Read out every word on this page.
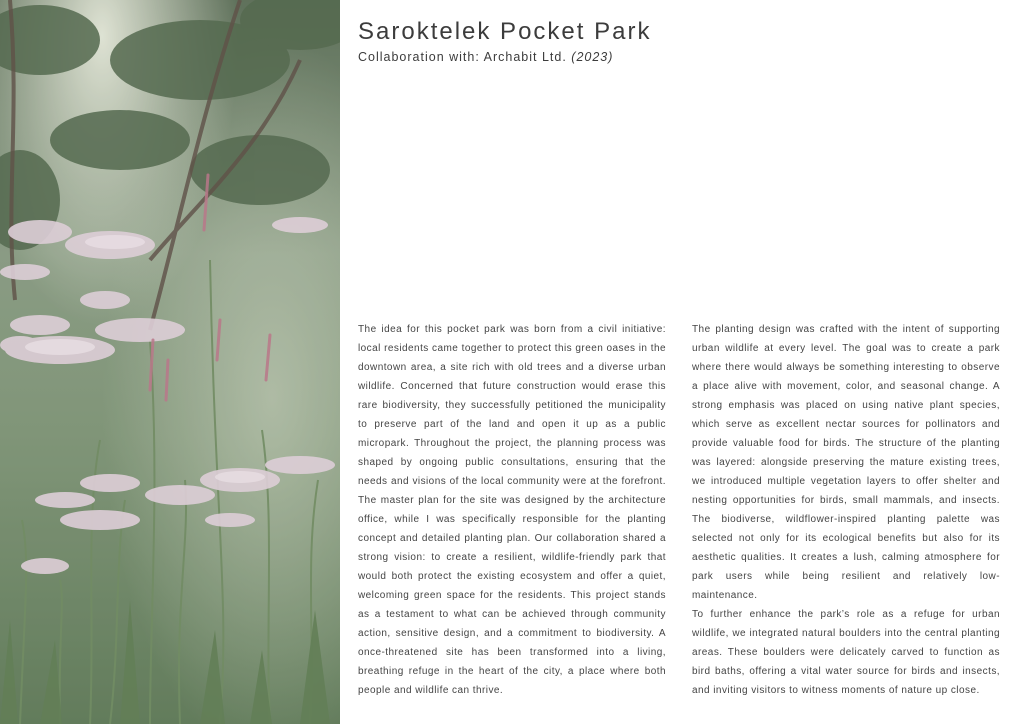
Saroktelek Pocket Park

Collaboration with: Archabit Ltd. (2023)

The idea for this pocket park was born from a civil initiative: local residents came together to protect this green oases in the downtown area, a site rich with old trees and a diverse urban wildlife. Concerned that future construction would erase this rare biodiversity, they successfully petitioned the municipality to preserve part of the land and open it up as a public micropark. Throughout the project, the planning process was shaped by ongoing public consultations, ensuring that the needs and visions of the local community were at the forefront. The master plan for the site was designed by the architecture office, while I was specifically responsible for the planting concept and detailed planting plan. Our collaboration shared a strong vision: to create a resilient, wildlife-friendly park that would both protect the existing ecosystem and offer a quiet, welcoming green space for the residents. This project stands as a testament to what can be achieved through community action, sensitive design, and a commitment to biodiversity. A once-threatened site has been transformed into a living, breathing refuge in the heart of the city, a place where both people and wildlife can thrive.

The planting design was crafted with the intent of supporting urban wildlife at every level. The goal was to create a park where there would always be something interesting to observe a place alive with movement, color, and seasonal change. A strong emphasis was placed on using native plant species, which serve as excellent nectar sources for pollinators and provide valuable food for birds. The structure of the planting was layered: alongside preserving the mature existing trees, we introduced multiple vegetation layers to offer shelter and nesting opportunities for birds, small mammals, and insects. The biodiverse, wildflower-inspired planting palette was selected not only for its ecological benefits but also for its aesthetic qualities. It creates a lush, calming atmosphere for park users while being resilient and relatively low-maintenance.

To further enhance the park’s role as a refuge for urban wildlife, we integrated natural boulders into the central planting areas. These boulders were delicately carved to function as bird baths, offering a vital water source for birds and insects, and inviting visitors to witness moments of nature up close.
